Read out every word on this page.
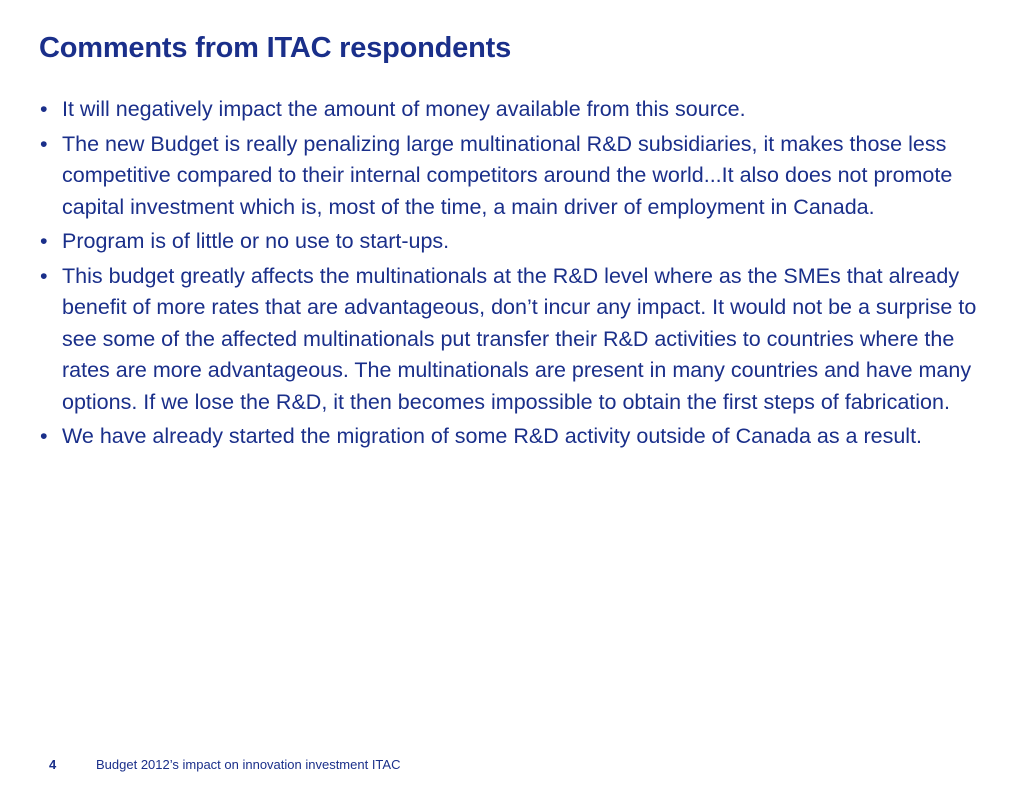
Comments from ITAC respondents
• It will negatively impact the amount of money available from this source.
• The new Budget is really penalizing large multinational R&D subsidiaries, it makes those less competitive compared to their internal competitors around the world...It also does not promote capital investment which is, most of the time, a main driver of employment in Canada.
• Program is of little or no use to start-ups.
• This budget greatly affects the multinationals at the R&D level where as the SMEs that already benefit of more rates that are advantageous, don’t incur any impact. It would not be a surprise to see some of the affected multinationals put transfer their R&D activities to countries where the rates are more advantageous. The multinationals are present in many countries and have many options. If we lose the R&D, it then becomes impossible to obtain the first steps of fabrication.
• We have already started the migration of some R&D activity outside of Canada as a result.
4	Budget 2012’s impact on innovation investment ITAC
